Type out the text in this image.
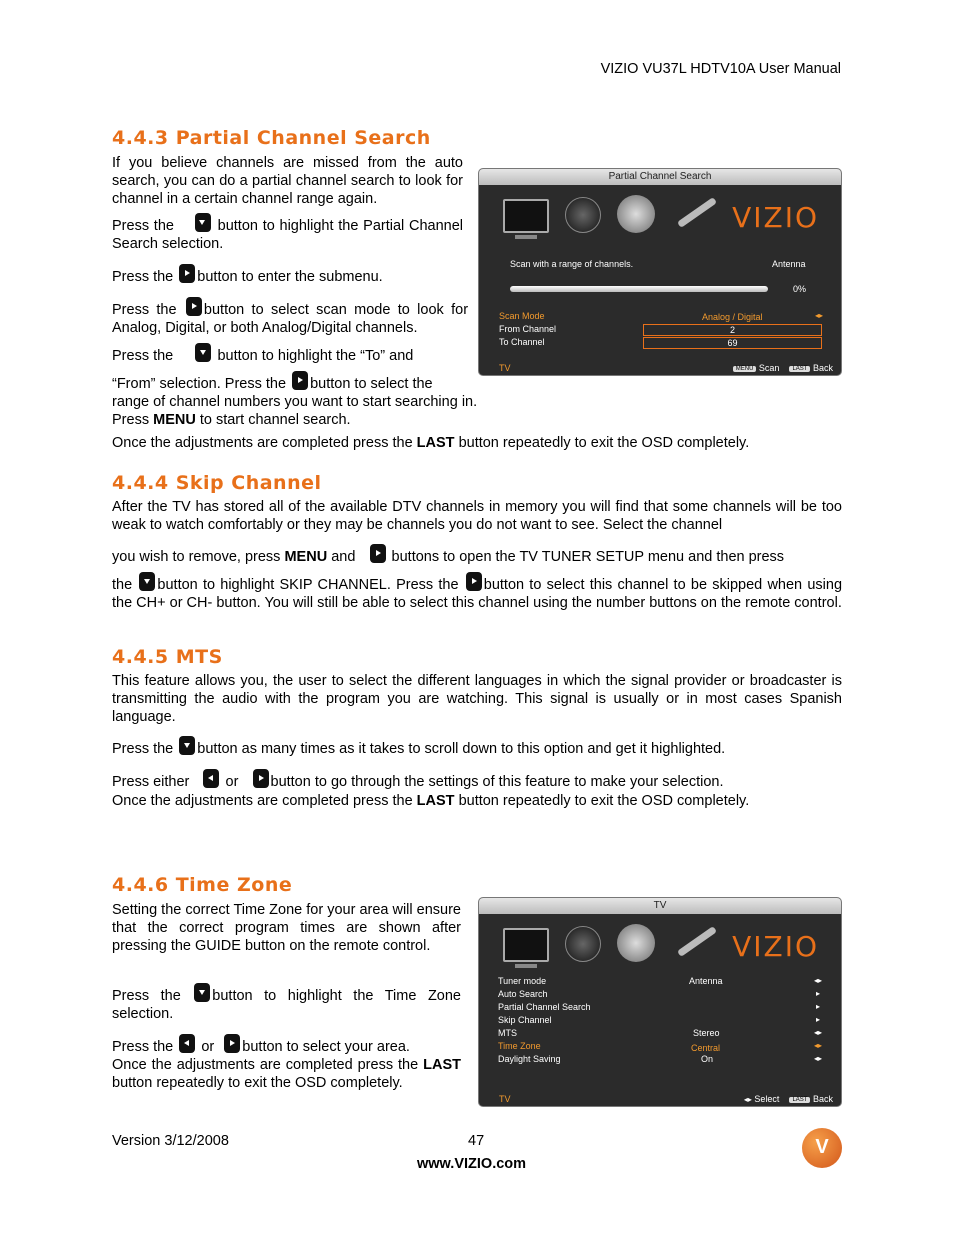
VIZIO VU37L HDTV10A User Manual
4.4.3 Partial Channel Search
If you believe channels are missed from the auto search, you can do a partial channel search to look for channel in a certain channel range again.
Press the	button to highlight the Partial Channel Search selection.
Press the button to enter the submenu.
Press the button to select scan mode to look for Analog, Digital, or both Analog/Digital channels.
Press the	button to highlight the “To” and
“From” selection. Press the button to select the
range of channel numbers you want to start searching in.
Press MENU to start channel search.
Once the adjustments are completed press the LAST button repeatedly to exit the OSD completely.
Partial Channel Search
VIZIO
Scan with a range of channels.	Antenna
0%
Scan Mode	Analog / Digital	◂▸
From Channel	2
To Channel	69
TV	MENU Scan LAST Back
4.4.4 Skip Channel
After the TV has stored all of the available DTV channels in memory you will find that some channels will be too weak to watch comfortably or they may be channels you do not want to see. Select the channel
you wish to remove, press MENU and buttons to open the TV TUNER SETUP menu and then press
the button to highlight SKIP CHANNEL. Press the button to select this channel to be skipped when using the CH+ or CH- button. You will still be able to select this channel using the number buttons on the remote control.
4.4.5 MTS
This feature allows you, the user to select the different languages in which the signal provider or broadcaster is transmitting the audio with the program you are watching. This signal is usually or in most cases Spanish language.
Press the button as many times as it takes to scroll down to this option and get it highlighted.
Press either or button to go through the settings of this feature to make your selection.
Once the adjustments are completed press the LAST button repeatedly to exit the OSD completely.
4.4.6 Time Zone
Setting the correct Time Zone for your area will ensure that the correct program times are shown after pressing the GUIDE button on the remote control.
Press the button to highlight the Time Zone selection.
Press the or button to select your area.
Once the adjustments are completed press the LAST button repeatedly to exit the OSD completely.
TV
VIZIO
Tuner mode	Antenna	◂▸
Auto Search	▸
Partial Channel Search	▸
Skip Channel	▸
MTS	Stereo	◂▸
Time Zone	Central	◂▸
Daylight Saving	On	◂▸
TV	◂▸ Select LAST Back
Version 3/12/2008	47
www.VIZIO.com
V
